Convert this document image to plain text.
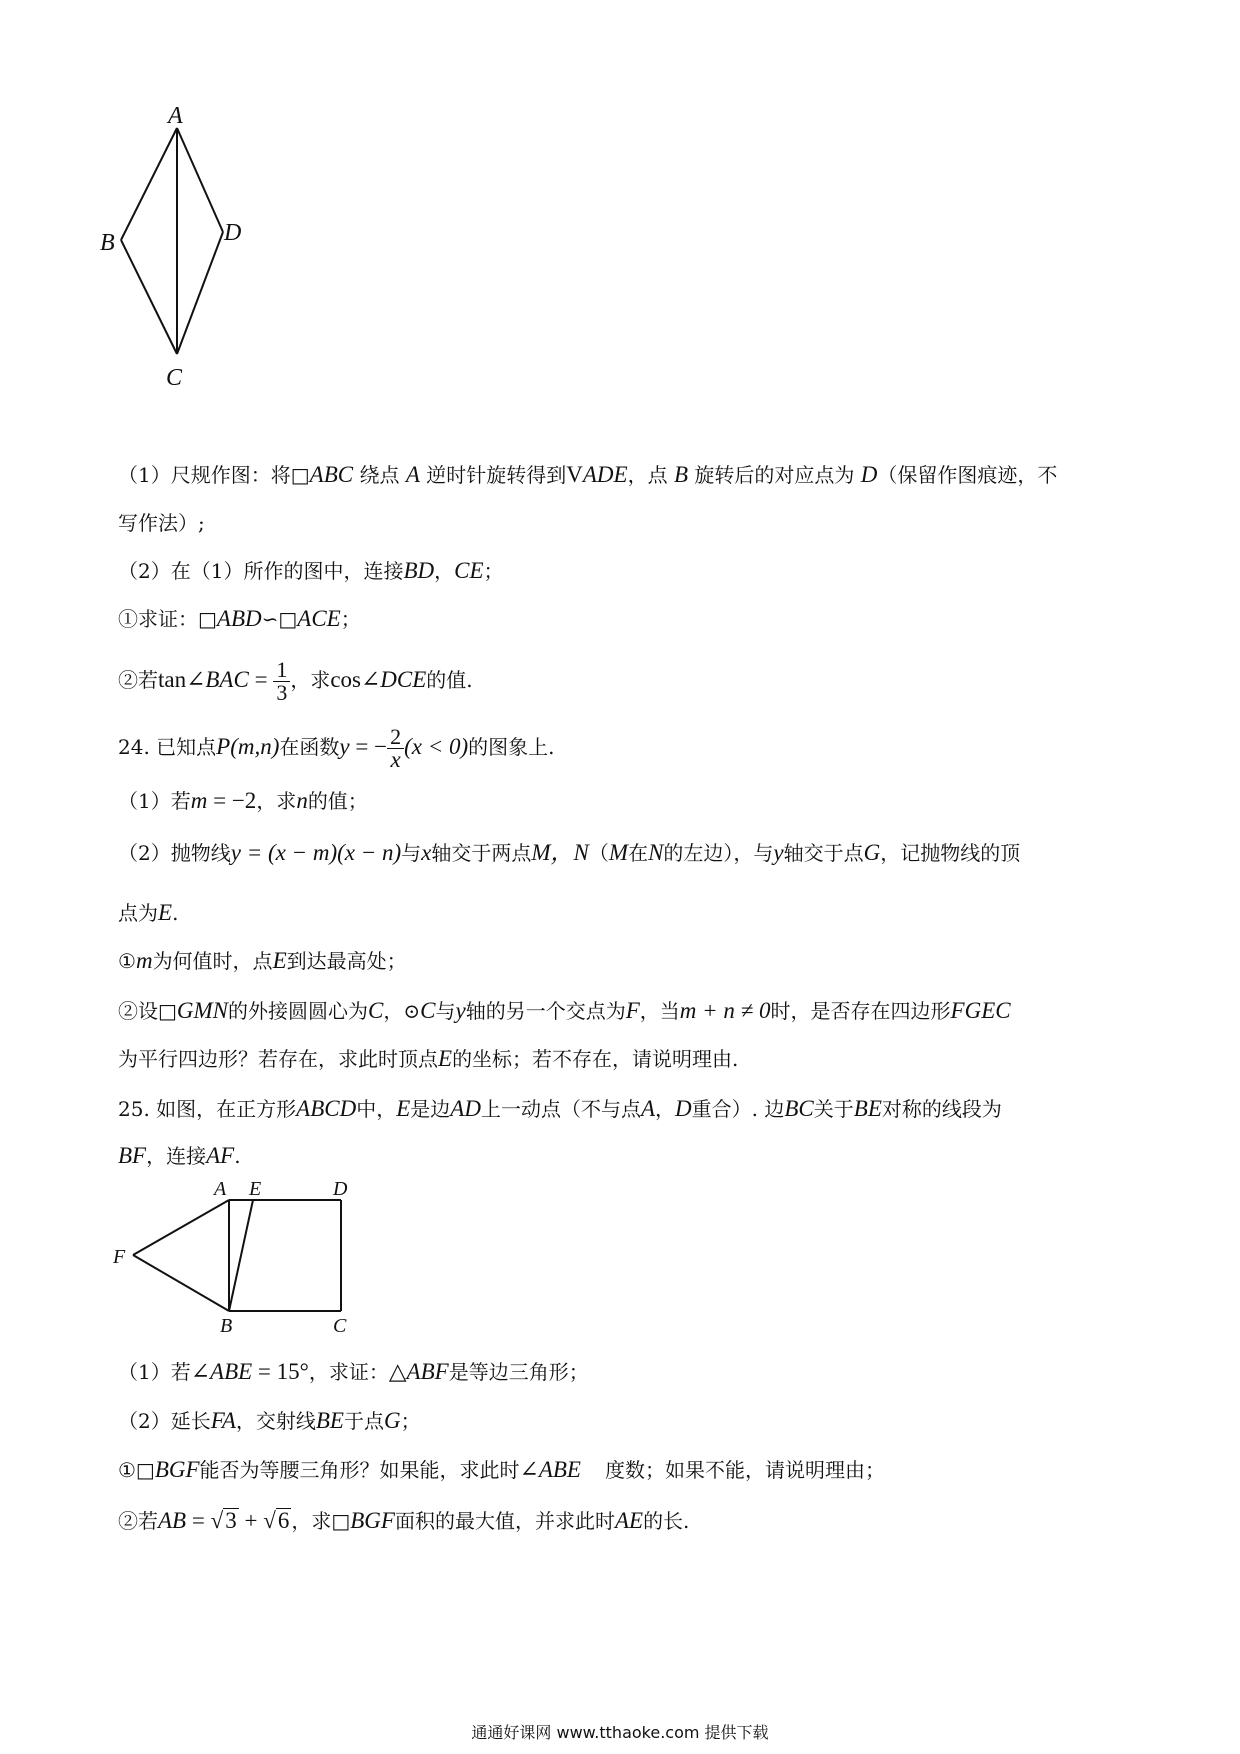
A
B	D
C
（1）尺规作图：将□ABC 绕点 A 逆时针旋转得到VADE，点 B 旋转后的对应点为 D（保留作图痕迹，不
写作法）;
（2）在（1）所作的图中，连接BD，CE；
①求证：□ABD∽□ACE；
②若tan∠BAC = $\frac{1}{3}$ ，求cos∠DCE的值.
24. 已知点P(m,n)在函数y = − $\frac{2}{x} (x < 0)$的图象上.
（1）若m = −2，求n的值；
（2）抛物线y = (x − m)(x − n)与x轴交于两点M，N（M在N的左边），与y轴交于点G，记抛物线的顶
点为E.
①m为何值时，点E到达最高处；
②设□GMN的外接圆圆心为C，⊙C与y轴的另一个交点为F，当m + n ≠ 0时，是否存在四边形FGEC
为平行四边形？若存在，求此时顶点E的坐标；若不存在，请说明理由.
25. 如图，在正方形ABCD中，E是边AD上一动点（不与点A，D重合）. 边BC关于BE对称的线段为
BF，连接AF.
A E	D
F
B	C
（1）若∠ABE = 15°，求证：△ABF是等边三角形；
（2）延长FA，交射线BE于点G；
①□BGF能否为等腰三角形？如果能，求此时∠ABE 度数；如果不能，请说明理由；
②若AB = √3 + √6 ，求□BGF面积的最大值，并求此时AE的长.
通通好课网 www.tthaoke.com 提供下载
